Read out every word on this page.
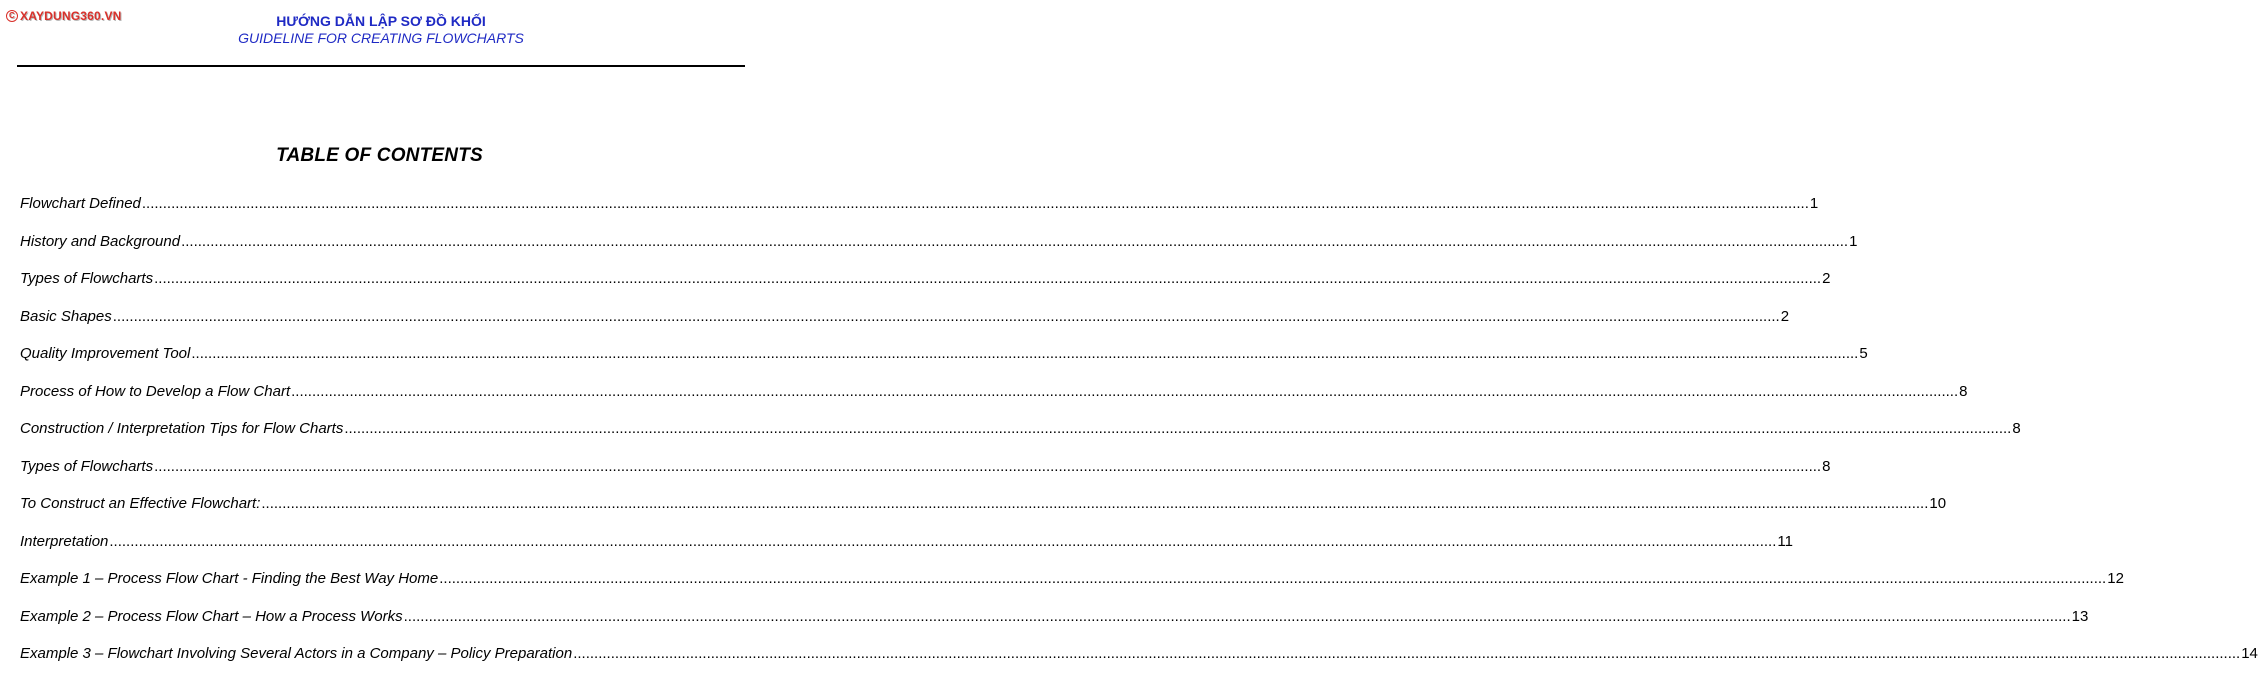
C XAYDUNG360.VN	HƯỚNG DẪN LẬP SƠ ĐỒ KHỐI
GUIDELINE FOR CREATING FLOWCHARTS
TABLE OF CONTENTS
Flowchart Defined ................................................................................................................................................................................................................................................................................................................................................................................................................ 1
History and Background ................................................................................................................................................................................................................................................................................................................................................................................................................ 1
Types of Flowcharts ................................................................................................................................................................................................................................................................................................................................................................................................................ 2
Basic Shapes ................................................................................................................................................................................................................................................................................................................................................................................................................ 2
Quality Improvement Tool ................................................................................................................................................................................................................................................................................................................................................................................................................ 5
Process of How to Develop a Flow Chart ................................................................................................................................................................................................................................................................................................................................................................................................................ 8
Construction / Interpretation Tips for Flow Charts ................................................................................................................................................................................................................................................................................................................................................................................................................ 8
Types of Flowcharts ................................................................................................................................................................................................................................................................................................................................................................................................................ 8
To Construct an Effective Flowchart: ................................................................................................................................................................................................................................................................................................................................................................................................................ 10
Interpretation ................................................................................................................................................................................................................................................................................................................................................................................................................ 11
Example 1 – Process Flow Chart - Finding the Best Way Home ................................................................................................................................................................................................................................................................................................................................................................................................................ 12
Example 2 – Process Flow Chart – How a Process Works ................................................................................................................................................................................................................................................................................................................................................................................................................ 13
Example 3 – Flowchart Involving Several Actors in a Company – Policy Preparation ................................................................................................................................................................................................................................................................................................................................................................................................................ 14
